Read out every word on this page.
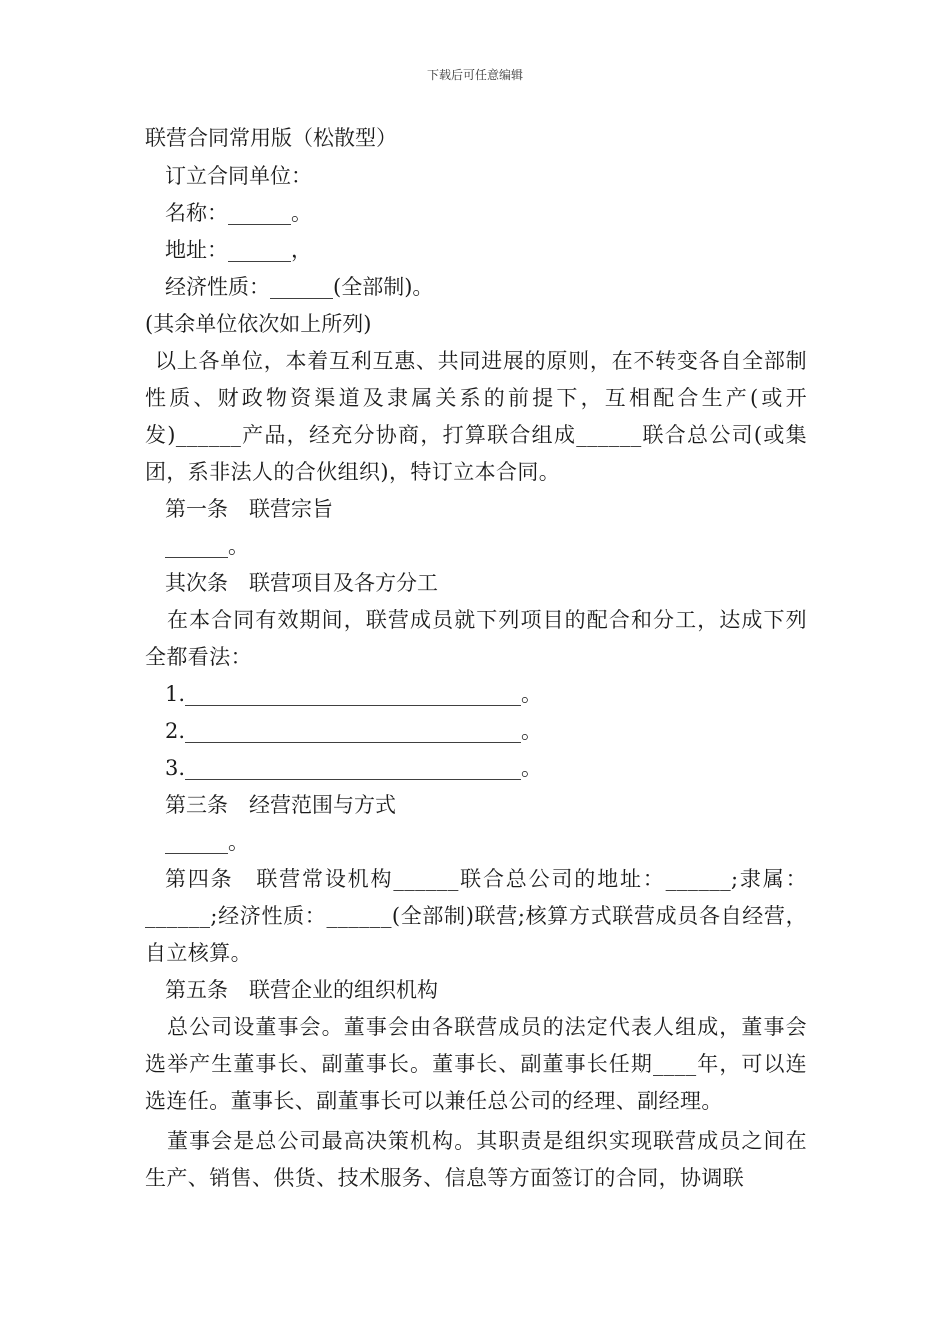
下载后可任意编辑
联营合同常用版（松散型）
订立合同单位：
名称：______。
地址：______，
经济性质：______(全部制)。
(其余单位依次如上所列)

以上各单位，本着互利互惠、共同进展的原则，在不转变各自全部制性质、财政物资渠道及隶属关系的前提下，互相配合生产(或开发)______产品，经充分协商，打算联合组成______联合总公司(或集团，系非法人的合伙组织)，特订立本合同。

第一条　联营宗旨
______。
其次条　联营项目及各方分工

在本合同有效期间，联营成员就下列项目的配合和分工，达成下列全都看法：

1.________________________________。
2.________________________________。
3.________________________________。
第三条　经营范围与方式
______。

第四条　联营常设机构______联合总公司的地址：______;隶属：______;经济性质：______(全部制)联营;核算方式联营成员各自经营，自立核算。

第五条　联营企业的组织机构

总公司设董事会。董事会由各联营成员的法定代表人组成，董事会选举产生董事长、副董事长。董事长、副董事长任期____年，可以连选连任。董事长、副董事长可以兼任总公司的经理、副经理。

董事会是总公司最高决策机构。其职责是组织实现联营成员之间在生产、销售、供货、技术服务、信息等方面签订的合同，协调联
